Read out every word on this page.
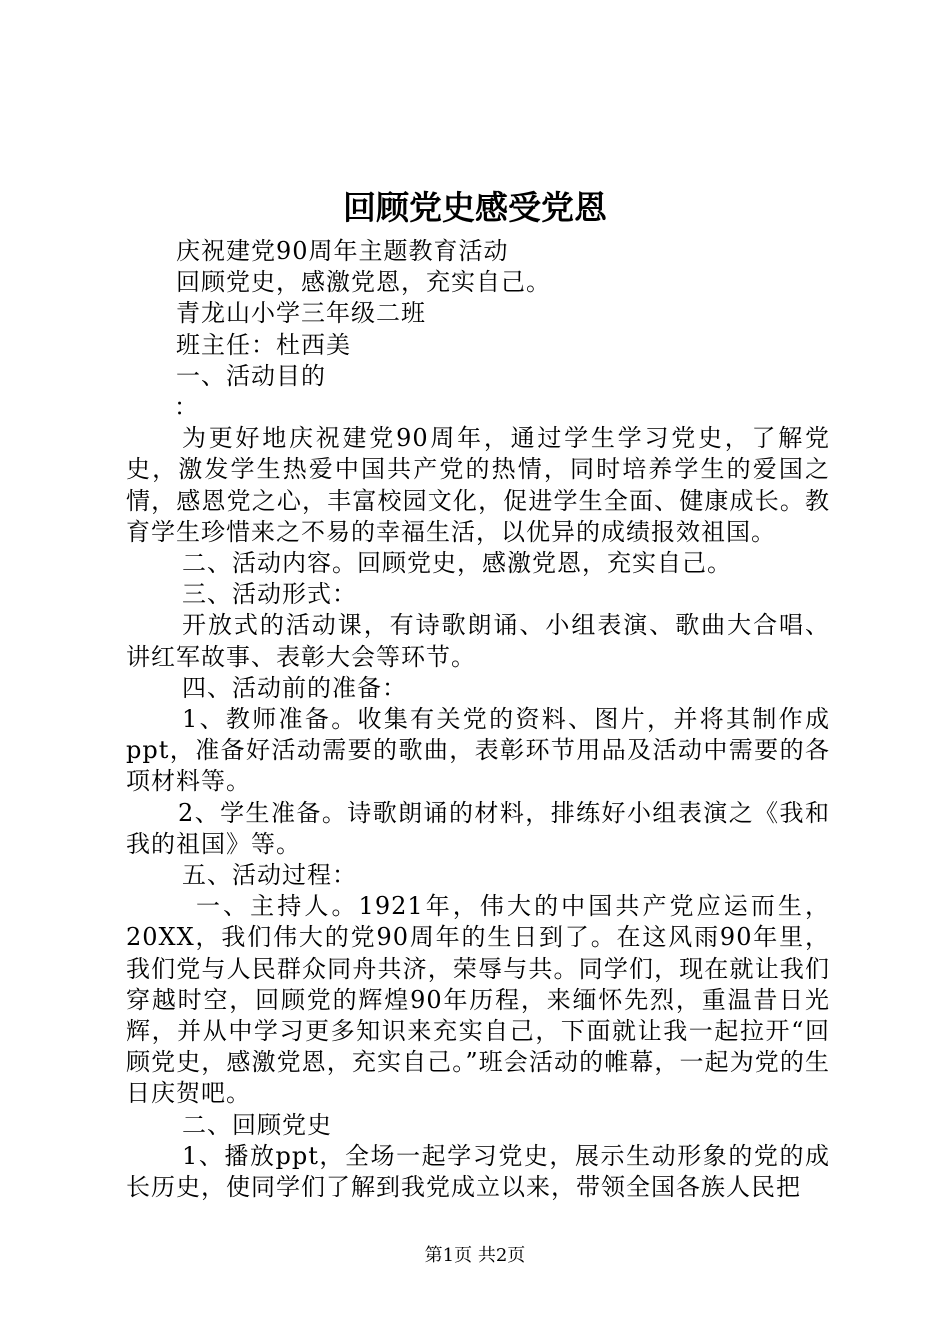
回顾党史感受党恩

庆祝建党90周年主题教育活动

回顾党史，感激党恩，充实自己。

青龙山小学三年级二班

班主任：杜西美

一、活动目的

：

为更好地庆祝建党90周年，通过学生学习党史，了解党史，激发学生热爱中国共产党的热情，同时培养学生的爱国之情，感恩党之心，丰富校园文化，促进学生全面、健康成长。教育学生珍惜来之不易的幸福生活，以优异的成绩报效祖国。

二、活动内容。回顾党史，感激党恩，充实自己。

三、活动形式：

开放式的活动课，有诗歌朗诵、小组表演、歌曲大合唱、讲红军故事、表彰大会等环节。

四、活动前的准备：

1、教师准备。收集有关党的资料、图片，并将其制作成ppt，准备好活动需要的歌曲，表彰环节用品及活动中需要的各项材料等。

2、学生准备。诗歌朗诵的材料，排练好小组表演之《我和我的祖国》等。

五、活动过程：

一、主持人。1921年，伟大的中国共产党应运而生，20XX，我们伟大的党90周年的生日到了。在这风雨90年里，我们党与人民群众同舟共济，荣辱与共。同学们，现在就让我们穿越时空，回顾党的辉煌90年历程，来缅怀先烈，重温昔日光辉，并从中学习更多知识来充实自己，下面就让我一起拉开“回顾党史，感激党恩，充实自己。”班会活动的帷幕，一起为党的生日庆贺吧。

二、回顾党史

1、播放ppt，全场一起学习党史，展示生动形象的党的成长历史，使同学们了解到我党成立以来，带领全国各族人民把

第1页 共2页
